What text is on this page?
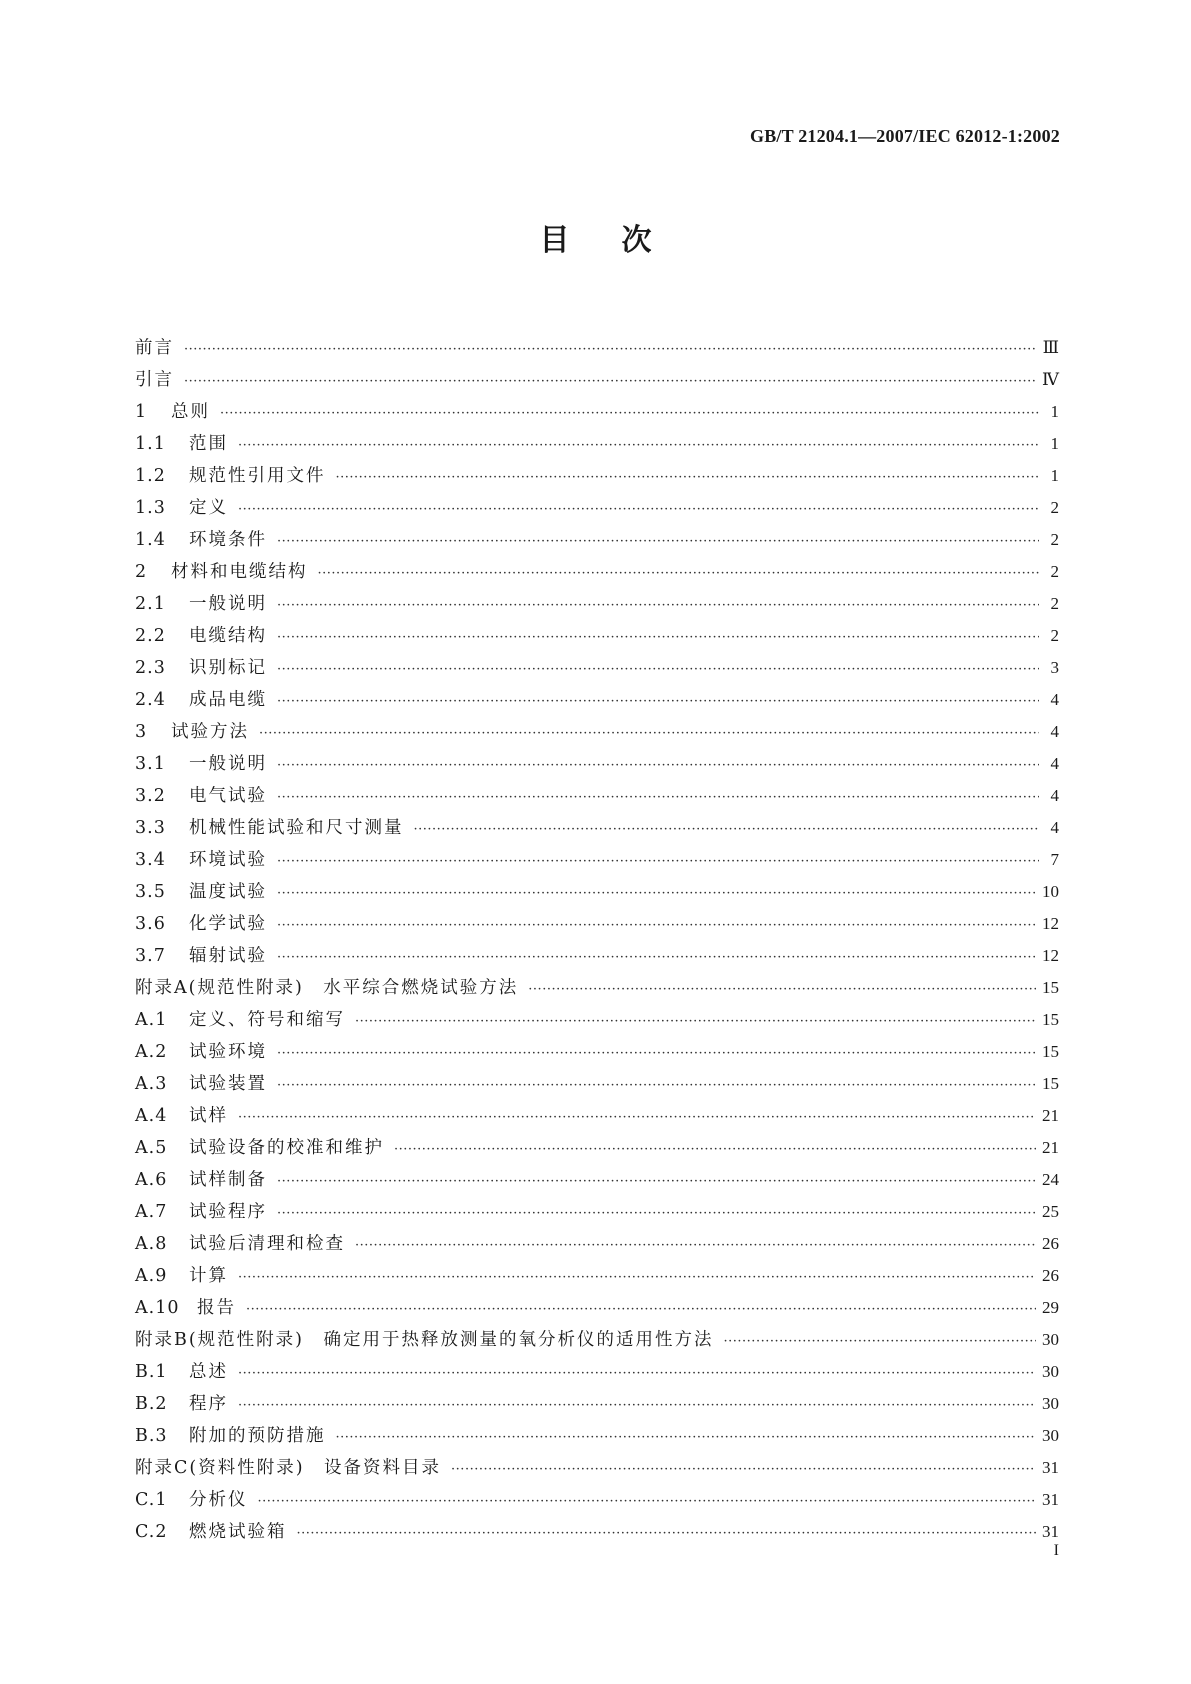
GB/T 21204.1—2007/IEC 62012-1:2002
目次
前言 ·····	Ⅲ
引言 ·····	Ⅳ
1	总则 ·····	1
1.1	范围 ·····	1
1.2	规范性引用文件 ·····	1
1.3	定义 ·····	2
1.4	环境条件 ·····	2
2	材料和电缆结构 ·····	2
2.1	一般说明 ·····	2
2.2	电缆结构 ·····	2
2.3	识别标记 ·····	3
2.4	成品电缆 ·····	4
3	试验方法 ·····	4
3.1	一般说明 ·····	4
3.2	电气试验 ·····	4
3.3	机械性能试验和尺寸测量 ·····	4
3.4	环境试验 ·····	7
3.5	温度试验 ·····	10
3.6	化学试验 ·····	12
3.7	辐射试验 ·····	12
附录A(规范性附录)　水平综合燃烧试验方法 ·····	15
A.1	定义、符号和缩写 ·····	15
A.2	试验环境 ·····	15
A.3	试验装置 ·····	15
A.4	试样 ·····	21
A.5	试验设备的校准和维护 ·····	21
A.6	试样制备 ·····	24
A.7	试验程序 ·····	25
A.8	试验后清理和检查 ·····	26
A.9	计算 ·····	26
A.10	报告 ·····	29
附录B(规范性附录)　确定用于热释放测量的氧分析仪的适用性方法 ·····	30
B.1	总述 ·····	30
B.2	程序 ·····	30
B.3	附加的预防措施 ·····	30
附录C(资料性附录)　设备资料目录 ·····	31
C.1	分析仪 ·····	31
C.2	燃烧试验箱 ·····	31
I
